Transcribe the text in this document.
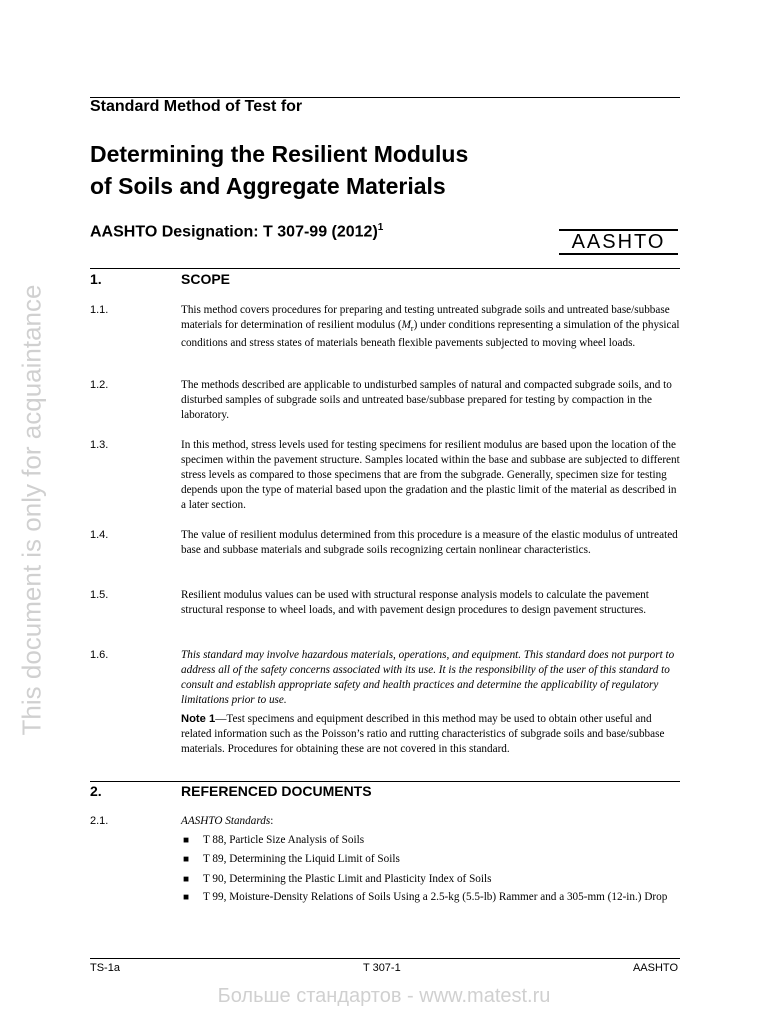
This document is only for acquaintance
Standard Method of Test for
Determining the Resilient Modulus
of Soils and Aggregate Materials
AASHTO Designation: T 307-99 $(2012)^1$
AASHTO
1.	SCOPE
1.1.	This method covers procedures for preparing and testing untreated subgrade soils and untreated base/subbase materials for determination of resilient modulus $(M_r)$ under conditions representing a simulation of the physical conditions and stress states of materials beneath flexible pavements subjected to moving wheel loads.
1.2.	The methods described are applicable to undisturbed samples of natural and compacted subgrade soils, and to disturbed samples of subgrade soils and untreated base/subbase prepared for testing by compaction in the laboratory.
1.3.	In this method, stress levels used for testing specimens for resilient modulus are based upon the location of the specimen within the pavement structure. Samples located within the base and subbase are subjected to different stress levels as compared to those specimens that are from the subgrade. Generally, specimen size for testing depends upon the type of material based upon the gradation and the plastic limit of the material as described in a later section.
1.4.	The value of resilient modulus determined from this procedure is a measure of the elastic modulus of untreated base and subbase materials and subgrade soils recognizing certain nonlinear characteristics.
1.5.	Resilient modulus values can be used with structural response analysis models to calculate the pavement structural response to wheel loads, and with pavement design procedures to design pavement structures.
1.6.	This standard may involve hazardous materials, operations, and equipment. This standard does not purport to address all of the safety concerns associated with its use. It is the responsibility of the user of this standard to consult and establish appropriate safety and health practices and determine the applicability of regulatory limitations prior to use.
Note 1—Test specimens and equipment described in this method may be used to obtain other useful and related information such as the Poisson’s ratio and rutting characteristics of subgrade soils and base/subbase materials. Procedures for obtaining these are not covered in this standard.
2.	REFERENCED DOCUMENTS
2.1.	AASHTO Standards:
■ T 88, Particle Size Analysis of Soils
■ T 89, Determining the Liquid Limit of Soils
■ T 90, Determining the Plastic Limit and Plasticity Index of Soils
■ T 99, Moisture-Density Relations of Soils Using a 2.5-kg (5.5-lb) Rammer and a 305-mm (12-in.) Drop
TS-1a	T 307-1	AASHTO
Больше стандартов - www.matest.ru
